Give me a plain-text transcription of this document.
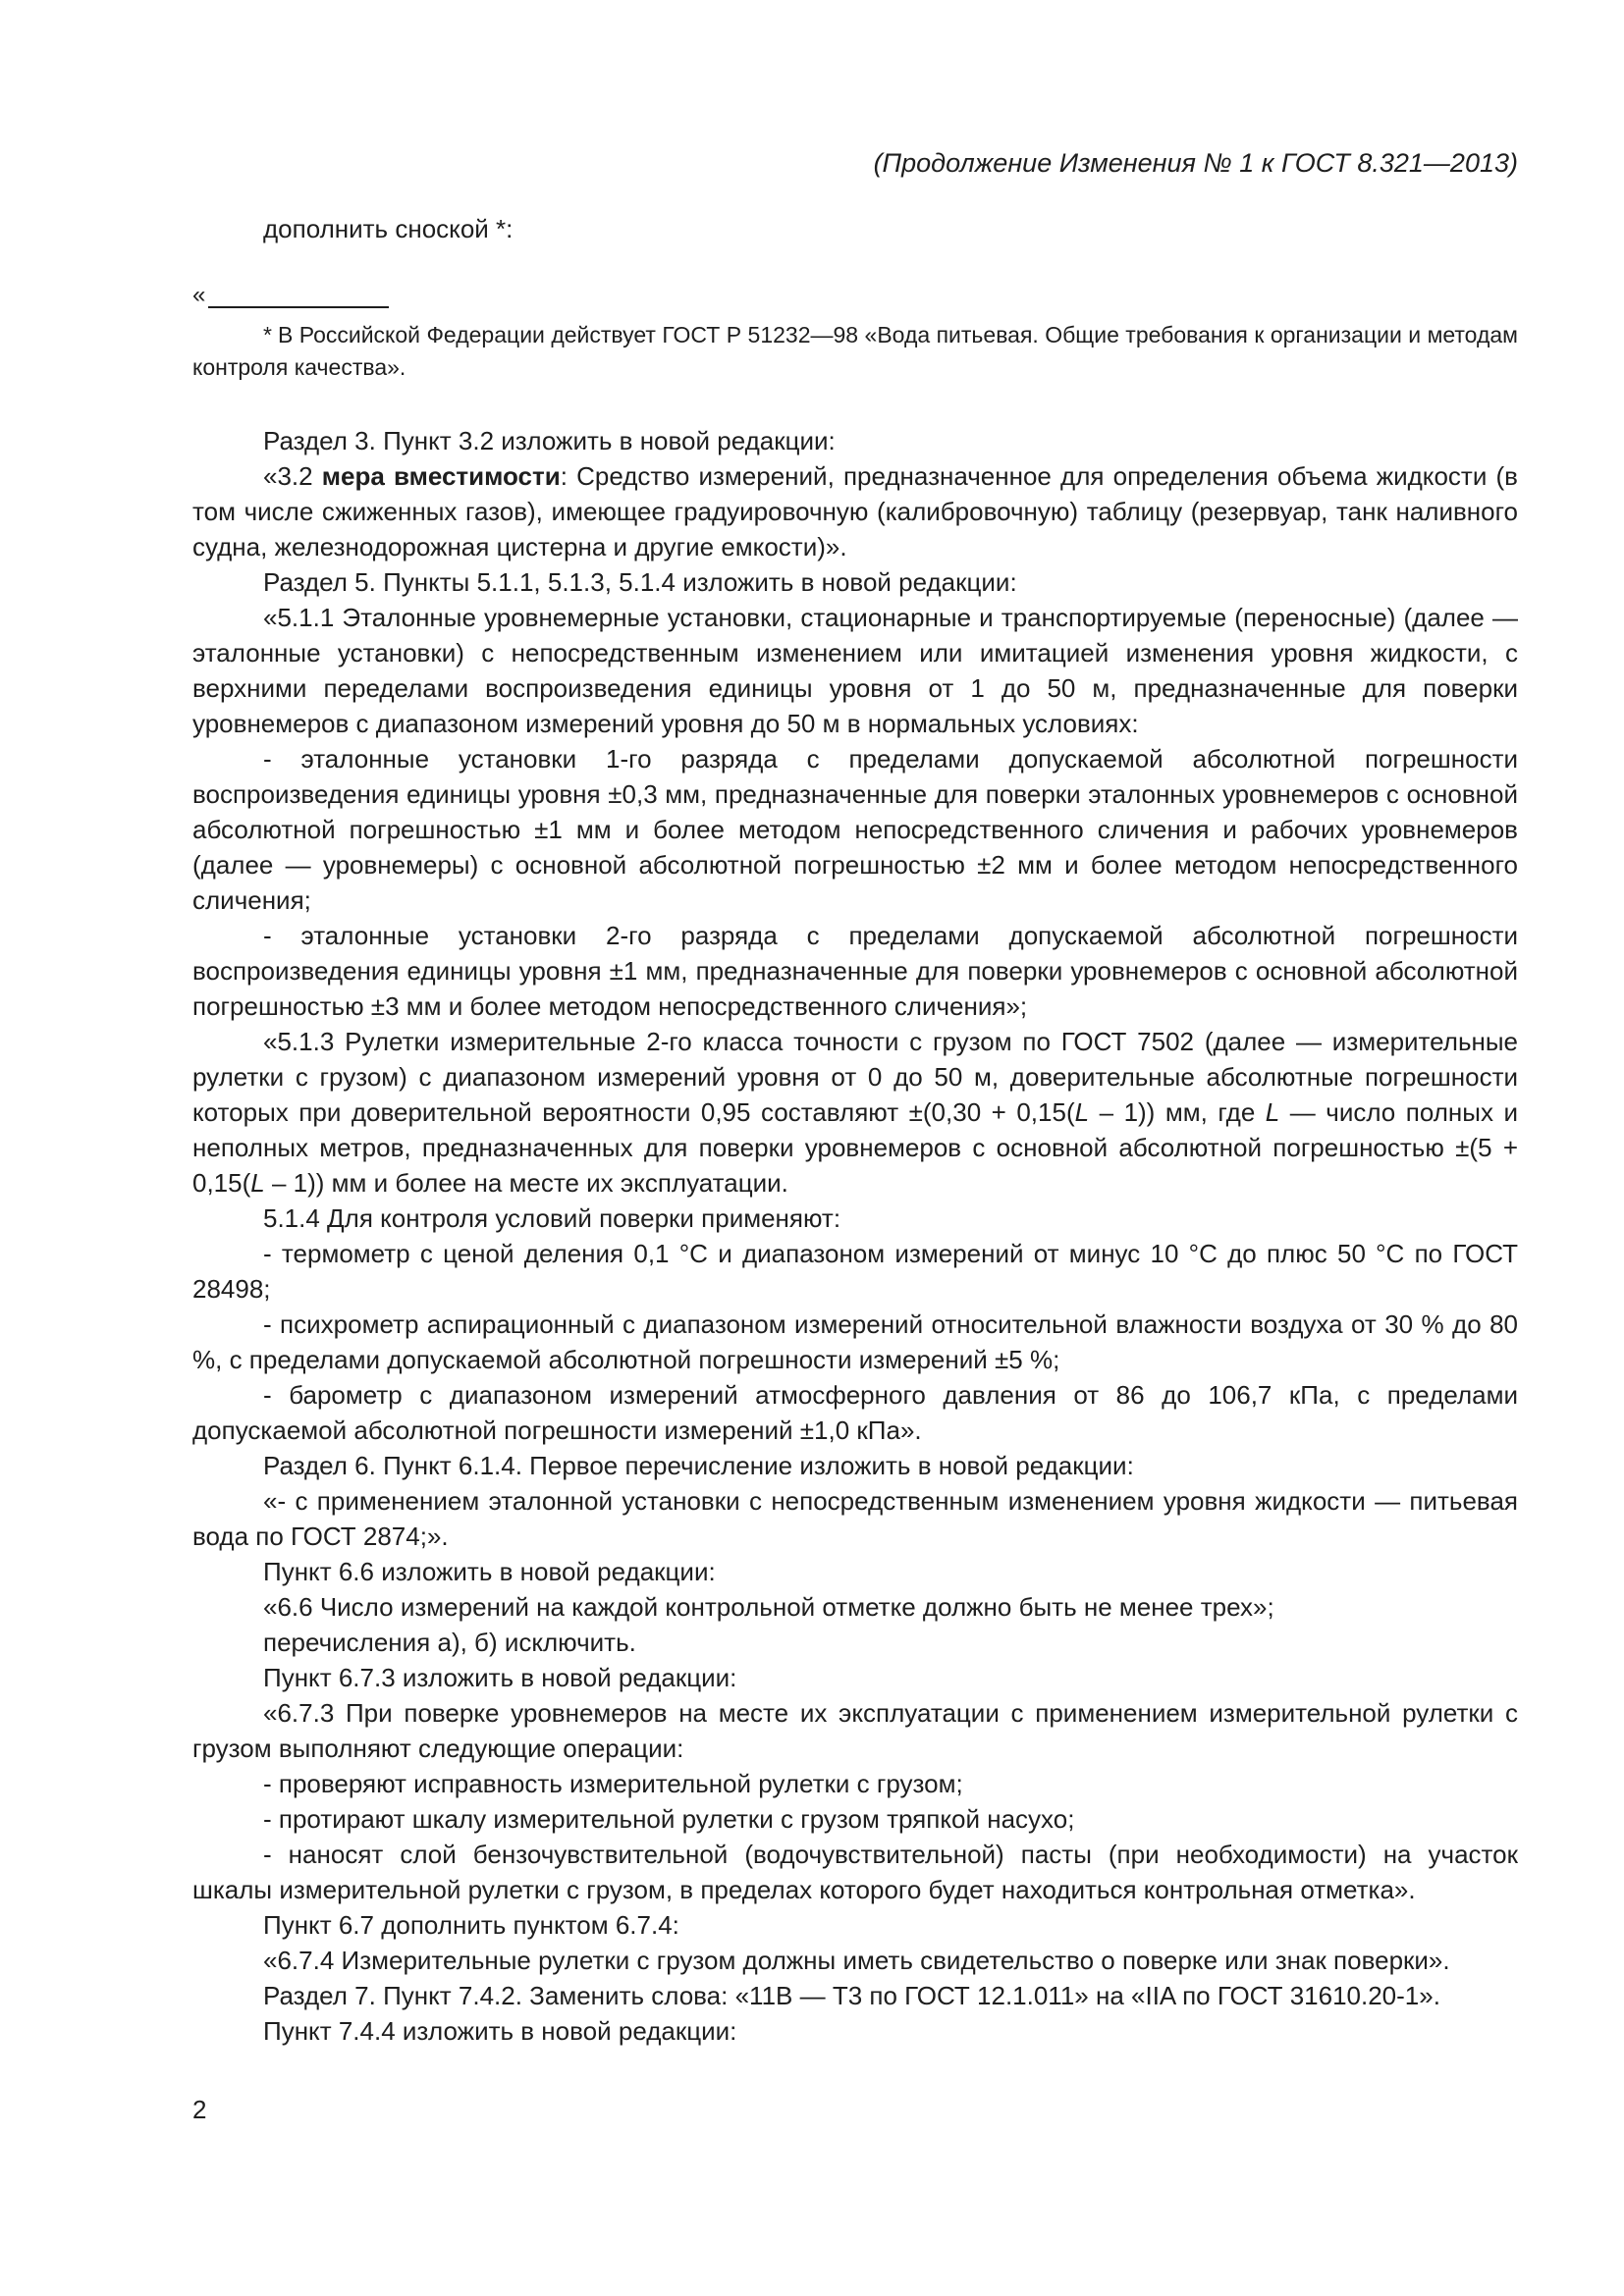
(Продолжение Изменения № 1 к ГОСТ 8.321—2013)

дополнить сноской *:

«

* В Российской Федерации действует ГОСТ Р 51232—98 «Вода питьевая. Общие требования к организации и методам контроля качества».

Раздел 3. Пункт 3.2 изложить в новой редакции:

«3.2 мера вместимости: Средство измерений, предназначенное для определения объема жидкости (в том числе сжиженных газов), имеющее градуировочную (калибровочную) таблицу (резервуар, танк наливного судна, железнодорожная цистерна и другие емкости)».

Раздел 5. Пункты 5.1.1, 5.1.3, 5.1.4 изложить в новой редакции:

«5.1.1 Эталонные уровнемерные установки, стационарные и транспортируемые (переносные) (далее — эталонные установки) с непосредственным изменением или имитацией изменения уровня жидкости, с верхними переделами воспроизведения единицы уровня от 1 до 50 м, предназначенные для поверки уровнемеров с диапазоном измерений уровня до 50 м в нормальных условиях:

- эталонные установки 1-го разряда с пределами допускаемой абсолютной погрешности воспроизведения единицы уровня ±0,3 мм, предназначенные для поверки эталонных уровнемеров с основной абсолютной погрешностью ±1 мм и более методом непосредственного сличения и рабочих уровнемеров (далее — уровнемеры) с основной абсолютной погрешностью ±2 мм и более методом непосредственного сличения;

- эталонные установки 2-го разряда с пределами допускаемой абсолютной погрешности воспроизведения единицы уровня ±1 мм, предназначенные для поверки уровнемеров с основной абсолютной погрешностью ±3 мм и более методом непосредственного сличения»;

«5.1.3 Рулетки измерительные 2-го класса точности с грузом по ГОСТ 7502 (далее — измерительные рулетки с грузом) с диапазоном измерений уровня от 0 до 50 м, доверительные абсолютные погрешности которых при доверительной вероятности 0,95 составляют ±(0,30 + 0,15(L – 1)) мм, где L — число полных и неполных метров, предназначенных для поверки уровнемеров с основной абсолютной погрешностью ±(5 + 0,15(L – 1)) мм и более на месте их эксплуатации.

5.1.4 Для контроля условий поверки применяют:

- термометр с ценой деления 0,1 °С и диапазоном измерений от минус 10 °С до плюс 50 °С по ГОСТ 28498;

- психрометр аспирационный с диапазоном измерений относительной влажности воздуха от 30 % до 80 %, с пределами допускаемой абсолютной погрешности измерений ±5 %;

- барометр с диапазоном измерений атмосферного давления от 86 до 106,7 кПа, с пределами допускаемой абсолютной погрешности измерений ±1,0 кПа».

Раздел 6. Пункт 6.1.4. Первое перечисление изложить в новой редакции:

«- с применением эталонной установки с непосредственным изменением уровня жидкости — питьевая вода по ГОСТ 2874;».

Пункт 6.6 изложить в новой редакции:

«6.6 Число измерений на каждой контрольной отметке должно быть не менее трех»;

перечисления а), б) исключить.

Пункт 6.7.3 изложить в новой редакции:

«6.7.3 При поверке уровнемеров на месте их эксплуатации с применением измерительной рулетки с грузом выполняют следующие операции:

- проверяют исправность измерительной рулетки с грузом;

- протирают шкалу измерительной рулетки с грузом тряпкой насухо;

- наносят слой бензочувствительной (водочувствительной) пасты (при необходимости) на участок шкалы измерительной рулетки с грузом, в пределах которого будет находиться контрольная отметка».

Пункт 6.7 дополнить пунктом 6.7.4:

«6.7.4 Измерительные рулетки с грузом должны иметь свидетельство о поверке или знак поверки».

Раздел 7. Пункт 7.4.2. Заменить слова: «11В — Т3 по ГОСТ 12.1.011» на «IIA по ГОСТ 31610.20-1».

Пункт 7.4.4 изложить в новой редакции:

2
